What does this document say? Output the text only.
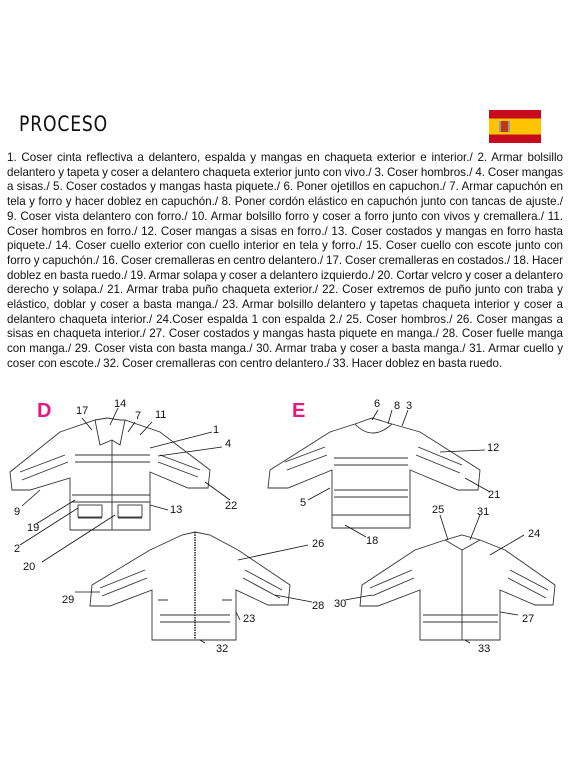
PROCESO
1. Coser cinta reflectiva a delantero, espalda y mangas en chaqueta exterior e interior./ 2. Armar bolsillo delantero y tapeta y coser a delantero chaqueta exterior junto con vivo./ 3. Coser hombros./ 4. Coser mangas a sisas./ 5. Coser costados y mangas hasta piquete./ 6. Poner ojetillos en capuchon./ 7. Armar capuchón en tela y forro y hacer doblez en capuchón./ 8. Poner cordón elástico en capuchón junto con tancas de ajuste./ 9. Coser vista delantero con forro./ 10. Armar bolsillo forro y coser a forro junto con vivos y cremallera./ 11. Coser hombros en forro./ 12. Coser mangas a sisas en forro./ 13. Coser costados y mangas en forro hasta piquete./ 14. Coser cuello exterior con cuello interior en tela y forro./ 15. Coser cuello con escote junto con forro y capuchón./ 16. Coser cremalleras en centro delantero./ 17. Coser cremalleras en costados./ 18. Hacer doblez en basta ruedo./ 19. Armar solapa y coser a delantero izquierdo./ 20. Cortar velcro y coser a delantero derecho y solapa./ 21. Armar traba puño chaqueta exterior./ 22. Coser extremos de puño junto con traba y elástico, doblar y coser a basta manga./ 23. Armar bolsillo delantero y tapetas chaqueta interior y coser a delantero chaqueta interior./ 24.Coser espalda 1 con espalda 2./ 25. Coser hombros./ 26. Coser mangas a sisas en chaqueta interior./ 27. Coser costados y mangas hasta piquete en manga./ 28. Coser fuelle manga con manga./ 29. Coser vista con basta manga./ 30. Armar traba y coser a basta manga./ 31. Armar cuello y coser con escote./ 32. Coser cremalleras con centro delantero./ 33. Hacer doblez en basta ruedo.
D	E
17
14
7 11
1
4
9
19
2
20
13	22
6 8 3
12
5
21
18
26
29	28
23
32
25	31
24
30
27
33
